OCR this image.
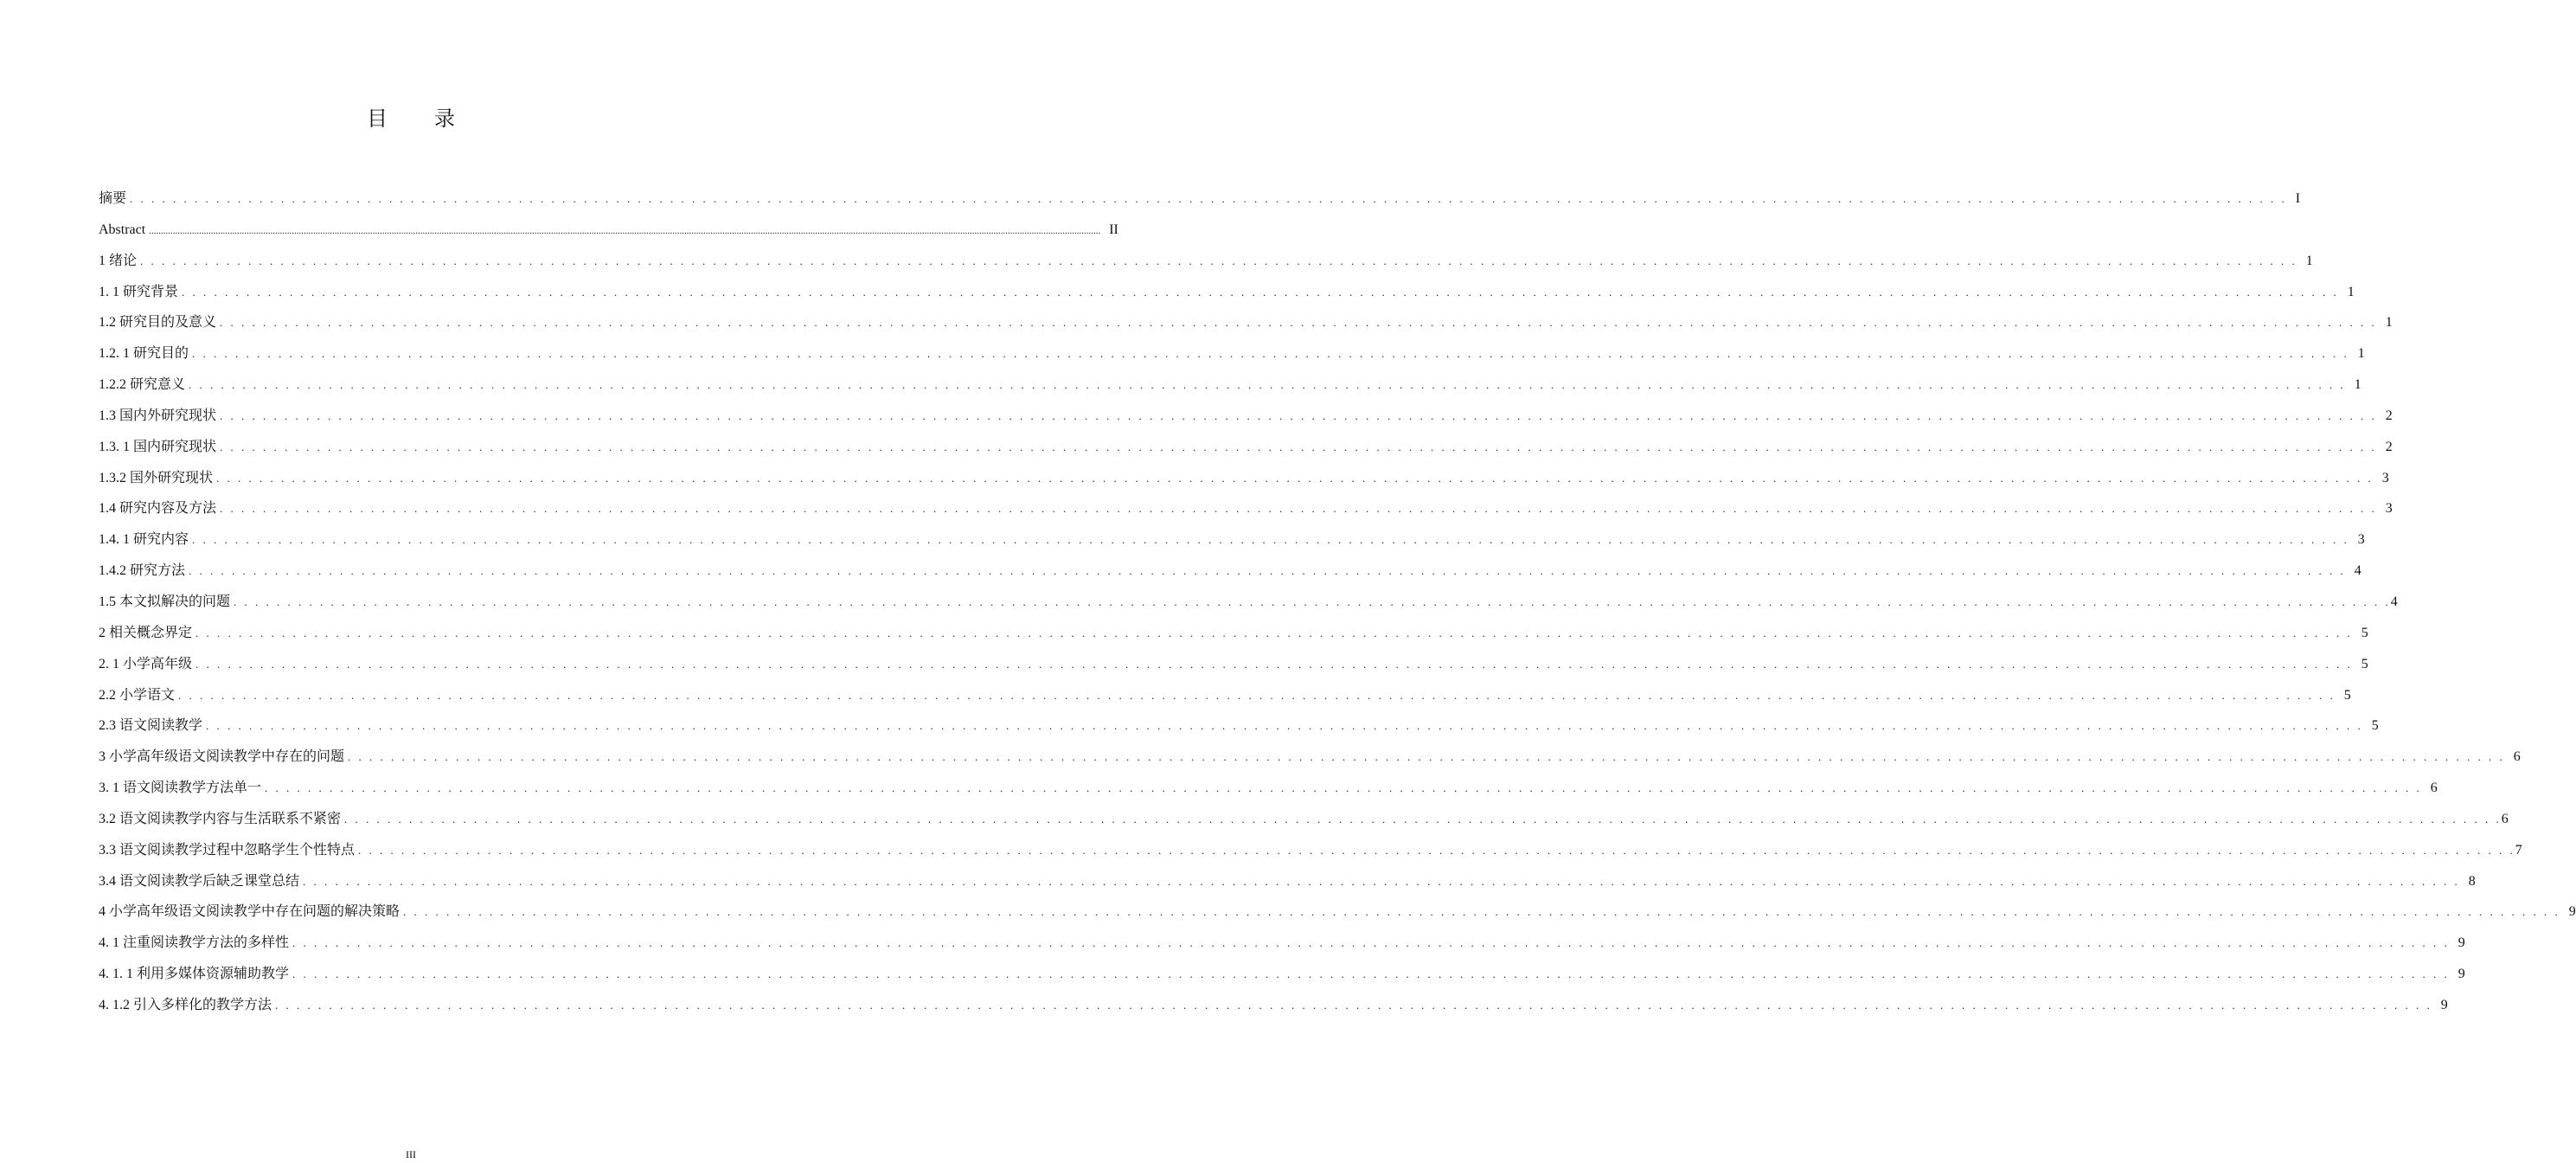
目 录
摘要 . . . . . . . . . . . . . . . . . . . . . . . . . . . . . . . . . . . . . . . . . . . . . . . . . . . . . . . . . . . . . . . . . . . . . . . . . . . . . . . . . . . . . . . . . . . . . . . . . . . . . . . . . . . . . . . . . . . . . . . . . . . . . . . . . . . . . . . . . . . . . . . . . . . . . . . . . . . . . . . . . . . . . . . . . . . . . . . . . . . . . . . . . . . . . . . . . . . . . . . . I
Abstract ................................................................................................................................................................................................................................................................................................................................................................................................................ II
1 绪论 . . . . . . . . . . . . . . . . . . . . . . . . . . . . . . . . . . . . . . . . . . . . . . . . . . . . . . . . . . . . . . . . . . . . . . . . . . . . . . . . . . . . . . . . . . . . . . . . . . . . . . . . . . . . . . . . . . . . . . . . . . . . . . . . . . . . . . . . . . . . . . . . . . . . . . . . . . . . . . . . . . . . . . . . . . . . . . . . . . . . . . . . . . . . . . . . . . . . . . . . 1
1. 1 研究背景 . . . . . . . . . . . . . . . . . . . . . . . . . . . . . . . . . . . . . . . . . . . . . . . . . . . . . . . . . . . . . . . . . . . . . . . . . . . . . . . . . . . . . . . . . . . . . . . . . . . . . . . . . . . . . . . . . . . . . . . . . . . . . . . . . . . . . . . . . . . . . . . . . . . . . . . . . . . . . . . . . . . . . . . . . . . . . . . . . . . . . . . . . . . . . . . . . . . . . . . . 1
1.2 研究目的及意义 . . . . . . . . . . . . . . . . . . . . . . . . . . . . . . . . . . . . . . . . . . . . . . . . . . . . . . . . . . . . . . . . . . . . . . . . . . . . . . . . . . . . . . . . . . . . . . . . . . . . . . . . . . . . . . . . . . . . . . . . . . . . . . . . . . . . . . . . . . . . . . . . . . . . . . . . . . . . . . . . . . . . . . . . . . . . . . . . . . . . . . . . . . . . . . . . . . . . . . . . 1
1.2. 1 研究目的 . . . . . . . . . . . . . . . . . . . . . . . . . . . . . . . . . . . . . . . . . . . . . . . . . . . . . . . . . . . . . . . . . . . . . . . . . . . . . . . . . . . . . . . . . . . . . . . . . . . . . . . . . . . . . . . . . . . . . . . . . . . . . . . . . . . . . . . . . . . . . . . . . . . . . . . . . . . . . . . . . . . . . . . . . . . . . . . . . . . . . . . . . . . . . . . . . . . . . . . . 1
1.2.2 研究意义 . . . . . . . . . . . . . . . . . . . . . . . . . . . . . . . . . . . . . . . . . . . . . . . . . . . . . . . . . . . . . . . . . . . . . . . . . . . . . . . . . . . . . . . . . . . . . . . . . . . . . . . . . . . . . . . . . . . . . . . . . . . . . . . . . . . . . . . . . . . . . . . . . . . . . . . . . . . . . . . . . . . . . . . . . . . . . . . . . . . . . . . . . . . . . . . . . . . . . . . . 1
1.3 国内外研究现状 . . . . . . . . . . . . . . . . . . . . . . . . . . . . . . . . . . . . . . . . . . . . . . . . . . . . . . . . . . . . . . . . . . . . . . . . . . . . . . . . . . . . . . . . . . . . . . . . . . . . . . . . . . . . . . . . . . . . . . . . . . . . . . . . . . . . . . . . . . . . . . . . . . . . . . . . . . . . . . . . . . . . . . . . . . . . . . . . . . . . . . . . . . . . . . . . . . . . . . . . 2
1.3. 1 国内研究现状 . . . . . . . . . . . . . . . . . . . . . . . . . . . . . . . . . . . . . . . . . . . . . . . . . . . . . . . . . . . . . . . . . . . . . . . . . . . . . . . . . . . . . . . . . . . . . . . . . . . . . . . . . . . . . . . . . . . . . . . . . . . . . . . . . . . . . . . . . . . . . . . . . . . . . . . . . . . . . . . . . . . . . . . . . . . . . . . . . . . . . . . . . . . . . . . . . . . . . . . . 2
1.3.2 国外研究现状 . . . . . . . . . . . . . . . . . . . . . . . . . . . . . . . . . . . . . . . . . . . . . . . . . . . . . . . . . . . . . . . . . . . . . . . . . . . . . . . . . . . . . . . . . . . . . . . . . . . . . . . . . . . . . . . . . . . . . . . . . . . . . . . . . . . . . . . . . . . . . . . . . . . . . . . . . . . . . . . . . . . . . . . . . . . . . . . . . . . . . . . . . . . . . . . . . . . . . . . . 3
1.4 研究内容及方法 . . . . . . . . . . . . . . . . . . . . . . . . . . . . . . . . . . . . . . . . . . . . . . . . . . . . . . . . . . . . . . . . . . . . . . . . . . . . . . . . . . . . . . . . . . . . . . . . . . . . . . . . . . . . . . . . . . . . . . . . . . . . . . . . . . . . . . . . . . . . . . . . . . . . . . . . . . . . . . . . . . . . . . . . . . . . . . . . . . . . . . . . . . . . . . . . . . . . . . . . 3
1.4. 1 研究内容 . . . . . . . . . . . . . . . . . . . . . . . . . . . . . . . . . . . . . . . . . . . . . . . . . . . . . . . . . . . . . . . . . . . . . . . . . . . . . . . . . . . . . . . . . . . . . . . . . . . . . . . . . . . . . . . . . . . . . . . . . . . . . . . . . . . . . . . . . . . . . . . . . . . . . . . . . . . . . . . . . . . . . . . . . . . . . . . . . . . . . . . . . . . . . . . . . . . . . . . . 3
1.4.2 研究方法 . . . . . . . . . . . . . . . . . . . . . . . . . . . . . . . . . . . . . . . . . . . . . . . . . . . . . . . . . . . . . . . . . . . . . . . . . . . . . . . . . . . . . . . . . . . . . . . . . . . . . . . . . . . . . . . . . . . . . . . . . . . . . . . . . . . . . . . . . . . . . . . . . . . . . . . . . . . . . . . . . . . . . . . . . . . . . . . . . . . . . . . . . . . . . . . . . . . . . . . . 4
1.5 本文拟解决的问题 . . . . . . . . . . . . . . . . . . . . . . . . . . . . . . . . . . . . . . . . . . . . . . . . . . . . . . . . . . . . . . . . . . . . . . . . . . . . . . . . . . . . . . . . . . . . . . . . . . . . . . . . . . . . . . . . . . . . . . . . . . . . . . . . . . . . . . . . . . . . . . . . . . . . . . . . . . . . . . . . . . . . . . . . . . . . . . . . . . . . . . . . . . . . . . . . . . . . . . . . 4
2 相关概念界定 . . . . . . . . . . . . . . . . . . . . . . . . . . . . . . . . . . . . . . . . . . . . . . . . . . . . . . . . . . . . . . . . . . . . . . . . . . . . . . . . . . . . . . . . . . . . . . . . . . . . . . . . . . . . . . . . . . . . . . . . . . . . . . . . . . . . . . . . . . . . . . . . . . . . . . . . . . . . . . . . . . . . . . . . . . . . . . . . . . . . . . . . . . . . . . . . . . . . . . . . 5
2. 1 小学高年级 . . . . . . . . . . . . . . . . . . . . . . . . . . . . . . . . . . . . . . . . . . . . . . . . . . . . . . . . . . . . . . . . . . . . . . . . . . . . . . . . . . . . . . . . . . . . . . . . . . . . . . . . . . . . . . . . . . . . . . . . . . . . . . . . . . . . . . . . . . . . . . . . . . . . . . . . . . . . . . . . . . . . . . . . . . . . . . . . . . . . . . . . . . . . . . . . . . . . . . . . 5
2.2 小学语文 . . . . . . . . . . . . . . . . . . . . . . . . . . . . . . . . . . . . . . . . . . . . . . . . . . . . . . . . . . . . . . . . . . . . . . . . . . . . . . . . . . . . . . . . . . . . . . . . . . . . . . . . . . . . . . . . . . . . . . . . . . . . . . . . . . . . . . . . . . . . . . . . . . . . . . . . . . . . . . . . . . . . . . . . . . . . . . . . . . . . . . . . . . . . . . . . . . . . . . . . 5
2.3 语文阅读教学 . . . . . . . . . . . . . . . . . . . . . . . . . . . . . . . . . . . . . . . . . . . . . . . . . . . . . . . . . . . . . . . . . . . . . . . . . . . . . . . . . . . . . . . . . . . . . . . . . . . . . . . . . . . . . . . . . . . . . . . . . . . . . . . . . . . . . . . . . . . . . . . . . . . . . . . . . . . . . . . . . . . . . . . . . . . . . . . . . . . . . . . . . . . . . . . . . . . . . . . . 5
3 小学高年级语文阅读教学中存在的问题 . . . . . . . . . . . . . . . . . . . . . . . . . . . . . . . . . . . . . . . . . . . . . . . . . . . . . . . . . . . . . . . . . . . . . . . . . . . . . . . . . . . . . . . . . . . . . . . . . . . . . . . . . . . . . . . . . . . . . . . . . . . . . . . . . . . . . . . . . . . . . . . . . . . . . . . . . . . . . . . . . . . . . . . . . . . . . . . . . . . . . . . . . . . . . . . . . . . . . . . . 6
3. 1 语文阅读教学方法单一 . . . . . . . . . . . . . . . . . . . . . . . . . . . . . . . . . . . . . . . . . . . . . . . . . . . . . . . . . . . . . . . . . . . . . . . . . . . . . . . . . . . . . . . . . . . . . . . . . . . . . . . . . . . . . . . . . . . . . . . . . . . . . . . . . . . . . . . . . . . . . . . . . . . . . . . . . . . . . . . . . . . . . . . . . . . . . . . . . . . . . . . . . . . . . . . . . . . . . . . . 6
3.2 语文阅读教学内容与生活联系不紧密 . . . . . . . . . . . . . . . . . . . . . . . . . . . . . . . . . . . . . . . . . . . . . . . . . . . . . . . . . . . . . . . . . . . . . . . . . . . . . . . . . . . . . . . . . . . . . . . . . . . . . . . . . . . . . . . . . . . . . . . . . . . . . . . . . . . . . . . . . . . . . . . . . . . . . . . . . . . . . . . . . . . . . . . . . . . . . . . . . . . . . . . . . . . . . . . . . . . . . . . . 6
3.3 语文阅读教学过程中忽略学生个性特点 . . . . . . . . . . . . . . . . . . . . . . . . . . . . . . . . . . . . . . . . . . . . . . . . . . . . . . . . . . . . . . . . . . . . . . . . . . . . . . . . . . . . . . . . . . . . . . . . . . . . . . . . . . . . . . . . . . . . . . . . . . . . . . . . . . . . . . . . . . . . . . . . . . . . . . . . . . . . . . . . . . . . . . . . . . . . . . . . . . . . . . . . . . . . . . . . . . . . . . . . 7
3.4 语文阅读教学后缺乏课堂总结 . . . . . . . . . . . . . . . . . . . . . . . . . . . . . . . . . . . . . . . . . . . . . . . . . . . . . . . . . . . . . . . . . . . . . . . . . . . . . . . . . . . . . . . . . . . . . . . . . . . . . . . . . . . . . . . . . . . . . . . . . . . . . . . . . . . . . . . . . . . . . . . . . . . . . . . . . . . . . . . . . . . . . . . . . . . . . . . . . . . . . . . . . . . . . . . . . . . . . . . . 8
4 小学高年级语文阅读教学中存在问题的解决策略 . . . . . . . . . . . . . . . . . . . . . . . . . . . . . . . . . . . . . . . . . . . . . . . . . . . . . . . . . . . . . . . . . . . . . . . . . . . . . . . . . . . . . . . . . . . . . . . . . . . . . . . . . . . . . . . . . . . . . . . . . . . . . . . . . . . . . . . . . . . . . . . . . . . . . . . . . . . . . . . . . . . . . . . . . . . . . . . . . . . . . . . . . . . . . . . . . . . . . . . . 9
4. 1 注重阅读教学方法的多样性 . . . . . . . . . . . . . . . . . . . . . . . . . . . . . . . . . . . . . . . . . . . . . . . . . . . . . . . . . . . . . . . . . . . . . . . . . . . . . . . . . . . . . . . . . . . . . . . . . . . . . . . . . . . . . . . . . . . . . . . . . . . . . . . . . . . . . . . . . . . . . . . . . . . . . . . . . . . . . . . . . . . . . . . . . . . . . . . . . . . . . . . . . . . . . . . . . . . . . . . . 9
4. 1. 1 利用多媒体资源辅助教学 . . . . . . . . . . . . . . . . . . . . . . . . . . . . . . . . . . . . . . . . . . . . . . . . . . . . . . . . . . . . . . . . . . . . . . . . . . . . . . . . . . . . . . . . . . . . . . . . . . . . . . . . . . . . . . . . . . . . . . . . . . . . . . . . . . . . . . . . . . . . . . . . . . . . . . . . . . . . . . . . . . . . . . . . . . . . . . . . . . . . . . . . . . . . . . . . . . . . . . . . 9
4. 1.2 引入多样化的教学方法 . . . . . . . . . . . . . . . . . . . . . . . . . . . . . . . . . . . . . . . . . . . . . . . . . . . . . . . . . . . . . . . . . . . . . . . . . . . . . . . . . . . . . . . . . . . . . . . . . . . . . . . . . . . . . . . . . . . . . . . . . . . . . . . . . . . . . . . . . . . . . . . . . . . . . . . . . . . . . . . . . . . . . . . . . . . . . . . . . . . . . . . . . . . . . . . . . . . . . . . . 9
III
